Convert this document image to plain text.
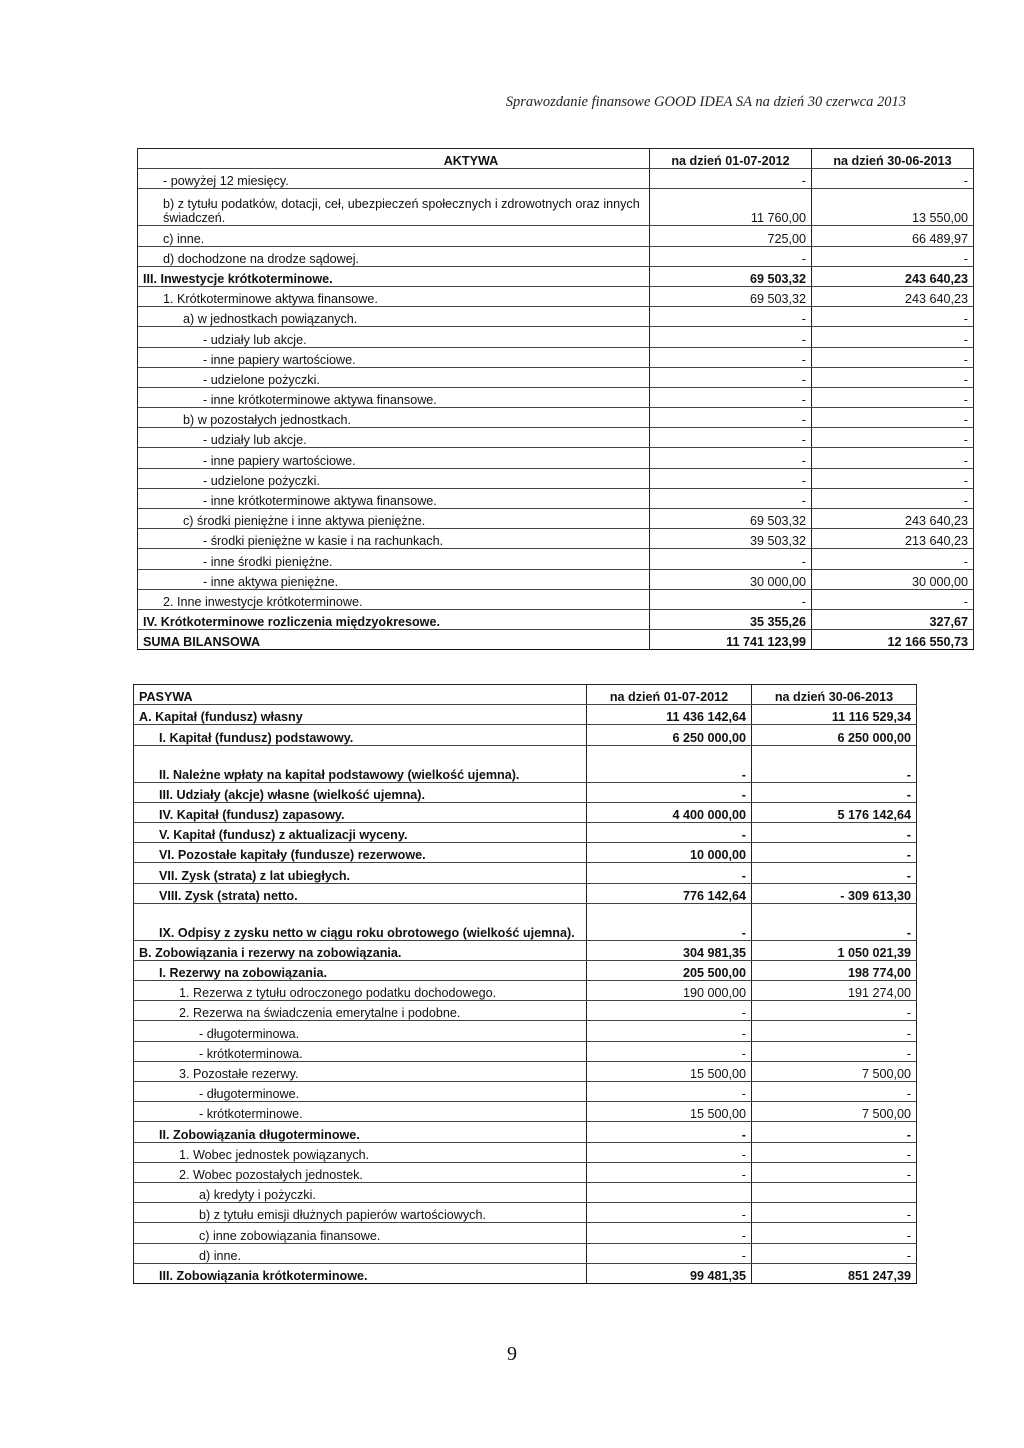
Sprawozdanie finansowe GOOD IDEA SA na dzień 30 czerwca 2013
AKTYWA	na dzień 01-07-2012	na dzień 30-06-2013
- powyżej 12 miesięcy.	-	-
b) z tytułu podatków, dotacji, ceł, ubezpieczeń społecznych i zdrowotnych oraz innych świadczeń.	11 760,00	13 550,00
c) inne.	725,00	66 489,97
d) dochodzone na drodze sądowej.	-	-
III. Inwestycje krótkoterminowe.	69 503,32	243 640,23
1. Krótkoterminowe aktywa finansowe.	69 503,32	243 640,23
a) w jednostkach powiązanych.	-	-
- udziały lub akcje.	-	-
- inne papiery wartościowe.	-	-
- udzielone pożyczki.	-	-
- inne krótkoterminowe aktywa finansowe.	-	-
b) w pozostałych jednostkach.	-	-
- udziały lub akcje.	-	-
- inne papiery wartościowe.	-	-
- udzielone pożyczki.	-	-
- inne krótkoterminowe aktywa finansowe.	-	-
c) środki pieniężne i inne aktywa pieniężne.	69 503,32	243 640,23
- środki pieniężne w kasie i na rachunkach.	39 503,32	213 640,23
- inne środki pieniężne.	-	-
- inne aktywa pieniężne.	30 000,00	30 000,00
2. Inne inwestycje krótkoterminowe.	-	-
IV. Krótkoterminowe rozliczenia międzyokresowe.	35 355,26	327,67
SUMA BILANSOWA	11 741 123,99	12 166 550,73
PASYWA	na dzień 01-07-2012	na dzień 30-06-2013
A. Kapitał (fundusz) własny	11 436 142,64	11 116 529,34
I. Kapitał (fundusz) podstawowy.	6 250 000,00	6 250 000,00
II. Należne wpłaty na kapitał podstawowy (wielkość ujemna).	-	-
III. Udziały (akcje) własne (wielkość ujemna).	-	-
IV. Kapitał (fundusz) zapasowy.	4 400 000,00	5 176 142,64
V. Kapitał (fundusz) z aktualizacji wyceny.	-	-
VI. Pozostałe kapitały (fundusze) rezerwowe.	10 000,00	-
VII. Zysk (strata) z lat ubiegłych.	-	-
VIII. Zysk (strata) netto.	776 142,64	- 309 613,30
IX. Odpisy z zysku netto w ciągu roku obrotowego (wielkość ujemna).	-	-
B. Zobowiązania i rezerwy na zobowiązania.	304 981,35	1 050 021,39
I. Rezerwy na zobowiązania.	205 500,00	198 774,00
1. Rezerwa z tytułu odroczonego podatku dochodowego.	190 000,00	191 274,00
2. Rezerwa na świadczenia emerytalne i podobne.	-	-
- długoterminowa.	-	-
- krótkoterminowa.	-	-
3. Pozostałe rezerwy.	15 500,00	7 500,00
- długoterminowe.	-	-
- krótkoterminowe.	15 500,00	7 500,00
II. Zobowiązania długoterminowe.	-	-
1. Wobec jednostek powiązanych.	-	-
2. Wobec pozostałych jednostek.	-	-
a) kredyty i pożyczki.		
b) z tytułu emisji dłużnych papierów wartościowych.	-	-
c) inne zobowiązania finansowe.	-	-
d) inne.	-	-
III. Zobowiązania krótkoterminowe.	99 481,35	851 247,39
9
